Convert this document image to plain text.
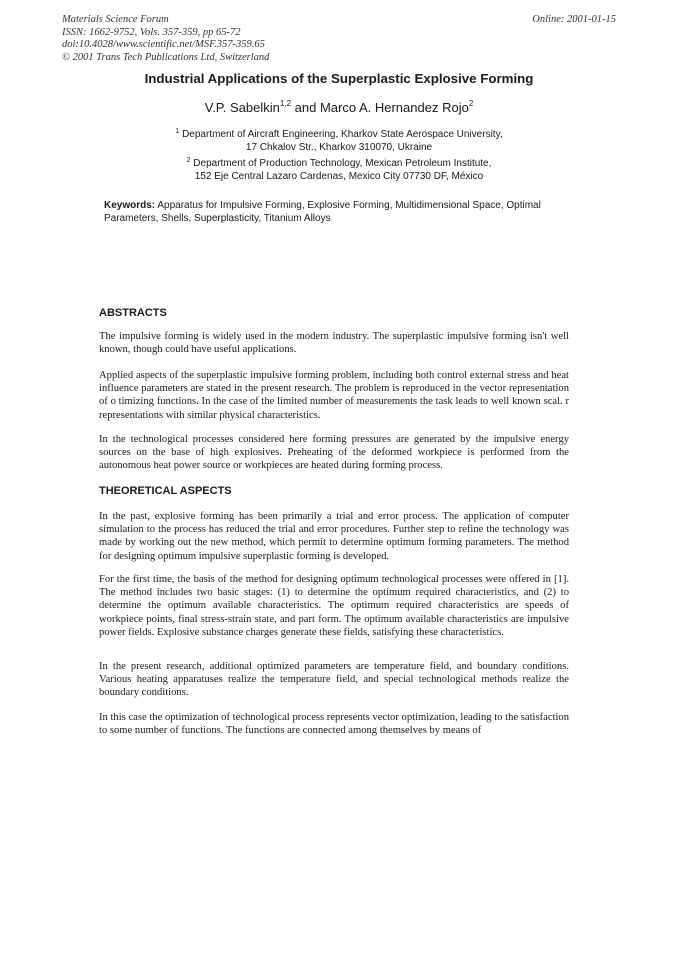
Materials Science Forum
ISSN: 1662-9752, Vols. 357-359, pp 65-72
doi:10.4028/www.scientific.net/MSF.357-359.65
© 2001 Trans Tech Publications Ltd, Switzerland
Online: 2001-01-15
Industrial Applications of the Superplastic Explosive Forming
V.P. Sabelkin$^{1,2}$ and Marco A. Hernandez Rojo$^2$
$^1$ Department of Aircraft Engineering, Kharkov State Aerospace University,
17 Chkalov Str., Kharkov 310070, Ukraine
$^2$ Department of Production Technology, Mexican Petroleum Institute,
152 Eje Central Lazaro Cardenas, Mexico City 07730 DF, México
Keywords: Apparatus for Impulsive Forming, Explosive Forming, Multidimensional Space, Optimal Parameters, Shells, Superplasticity, Titanium Alloys
ABSTRACTS
The impulsive forming is widely used in the modern industry. The superplastic impulsive forming isn't well known, though could have useful applications.
Applied aspects of the superplastic impulsive forming problem, including both control external stress and heat influence parameters are stated in the present research. The problem is reproduced in the vector representation of o timizing functions. In the case of the limited number of measurements the task leads to well known scal. r representations with similar physical characteristics.
In the technological processes considered here forming pressures are generated by the impulsive energy sources on the base of high explosives. Preheating of the deformed workpiece is performed from the autonomous heat power source or workpieces are heated during forming process.
THEORETICAL ASPECTS
In the past, explosive forming has been primarily a trial and error process. The application of computer simulation to the process has reduced the trial and error procedures. Further step to refine the technology was made by working out the new method, which permit to determine optimum forming parameters. The method for designing optimum impulsive superplastic forming is developed.
For the first time, the basis of the method for designing optimum technological processes were offered in [1]. The method includes two basic stages: (1) to determine the optimum required characteristics, and (2) to determine the optimum available characteristics. The optimum required characteristics are speeds of workpiece points, final stress-strain state, and part form. The optimum available characteristics are impulsive power fields. Explosive substance charges generate these fields, satisfying these characteristics.
In the present research, additional optimized parameters are temperature field, and boundary conditions. Various heating apparatuses realize the temperature field, and special technological methods realize the boundary conditions.
In this case the optimization of technological process represents vector optimization, leading to the satisfaction to some number of functions. The functions are connected among themselves by means of
